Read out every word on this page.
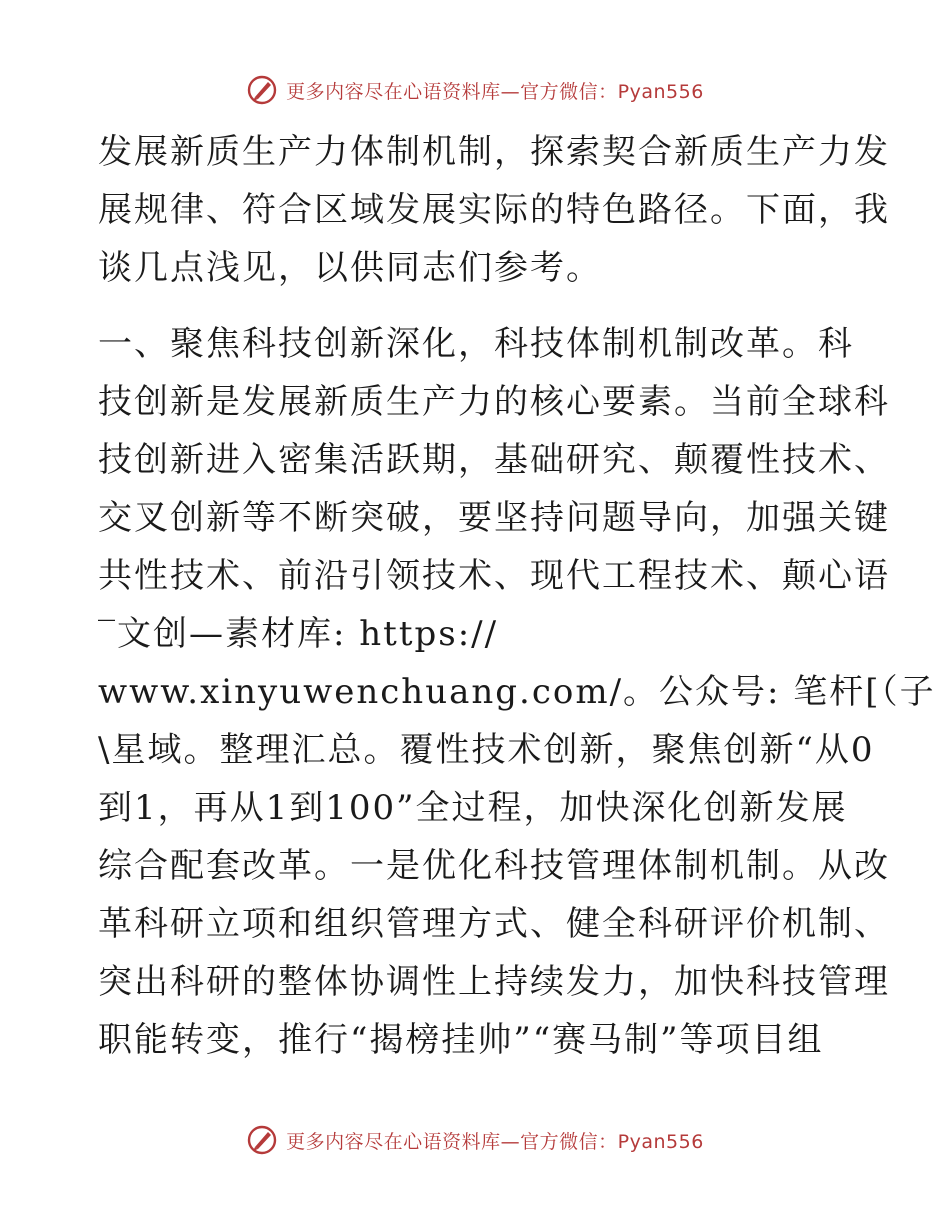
更多内容尽在心语资料库—官方微信：Pyan556
发展新质生产力体制机制，探索契合新质生产力发
展规律、符合区域发展实际的特色路径。下面，我
谈几点浅见，以供同志们参考。
一、聚焦科技创新深化，科技体制机制改革。科
技创新是发展新质生产力的核心要素。当前全球科
技创新进入密集活跃期，基础研究、颠覆性技术、
交叉创新等不断突破，要坚持问题导向，加强关键
共性技术、前沿引领技术、现代工程技术、颠心语
‾文创—素材库: https://
www.xinyuwenchuang.com/。公众号: 笔杆[（子
\星域。整理汇总。覆性技术创新，聚焦创新“从0
到1，再从1到100”全过程，加快深化创新发展
综合配套改革。一是优化科技管理体制机制。从改
革科研立项和组织管理方式、健全科研评价机制、
突出科研的整体协调性上持续发力，加快科技管理
职能转变，推行“揭榜挂帅”“赛马制”等项目组
更多内容尽在心语资料库—官方微信：Pyan556
